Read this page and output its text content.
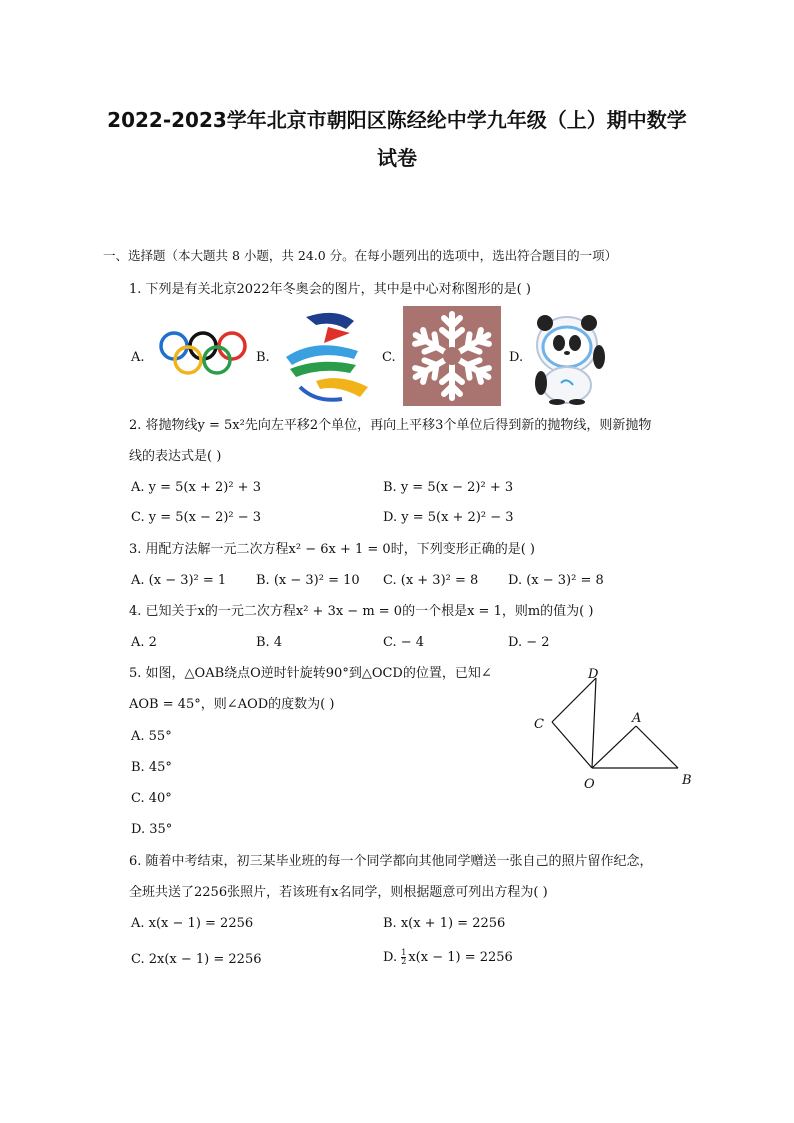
2022-2023学年北京市朝阳区陈经纶中学九年级（上）期中数学
试卷
一、选择题（本大题共 8 小题，共 24.0 分。在每小题列出的选项中，选出符合题目的一项）
1. 下列是有关北京2022年冬奥会的图片，其中是中心对称图形的是( )
A.	B.	C.	D.
2. 将抛物线y = 5x²先向左平移2个单位，再向上平移3个单位后得到新的抛物线，则新抛物
线的表达式是( )
A. y = 5(x + 2)² + 3	B. y = 5(x − 2)² + 3
C. y = 5(x − 2)² − 3	D. y = 5(x + 2)² − 3
3. 用配方法解一元二次方程x² − 6x + 1 = 0时，下列变形正确的是( )
A. (x − 3)² = 1 B. (x − 3)² = 10 C. (x + 3)² = 8 D. (x − 3)² = 8
4. 已知关于x的一元二次方程x² + 3x − m = 0的一个根是x = 1，则m的值为( )
A. 2	B. 4	C. − 4	D. − 2
5. 如图，△OAB绕点O逆时针旋转90°到△OCD的位置，已知∠
AOB = 45°，则∠AOD的度数为( )
A. 55°
B. 45°
C. 40°
D. 35°
D
C	A
O	B
6. 随着中考结束，初三某毕业班的每一个同学都向其他同学赠送一张自己的照片留作纪念，
全班共送了2256张照片，若该班有x名同学，则根据题意可列出方程为( )
A. x(x − 1) = 2256	B. x(x + 1) = 2256
C. 2x(x − 1) = 2256	D. $\frac{1}{2} x(x - 1) = 2256$
